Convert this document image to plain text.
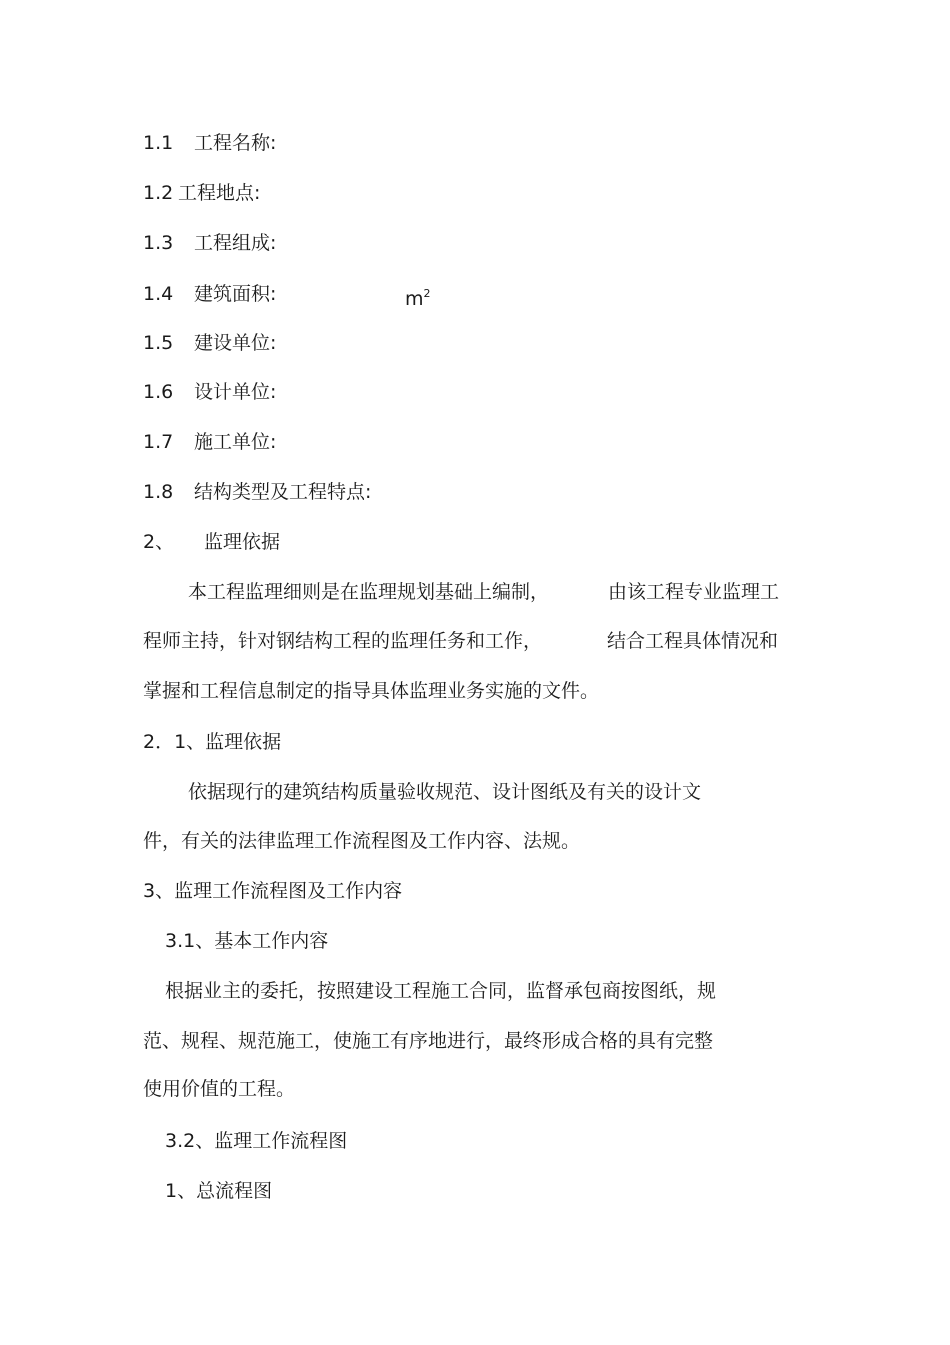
1.1 工程名称:
1.2 工程地点:
1.3 工程组成:
1.4 建筑面积:	$m^2$
1.5 建设单位:
1.6 设计单位:
1.7 施工单位:
1.8 结构类型及工程特点:
2、 监理依据
本工程监理细则是在监理规划基础上编制，	由该工程专业监理工
程师主持，针对钢结构工程的监理任务和工作，	结合工程具体情况和
掌握和工程信息制定的指导具体监理业务实施的文件。
2．1、监理依据
依据现行的建筑结构质量验收规范、设计图纸及有关的设计文
件，有关的法律监理工作流程图及工作内容、法规。
3、监理工作流程图及工作内容
3.1、基本工作内容
根据业主的委托，按照建设工程施工合同，监督承包商按图纸，规
范、规程、规范施工，使施工有序地进行，最终形成合格的具有完整
使用价值的工程。
3.2、监理工作流程图
1、总流程图
